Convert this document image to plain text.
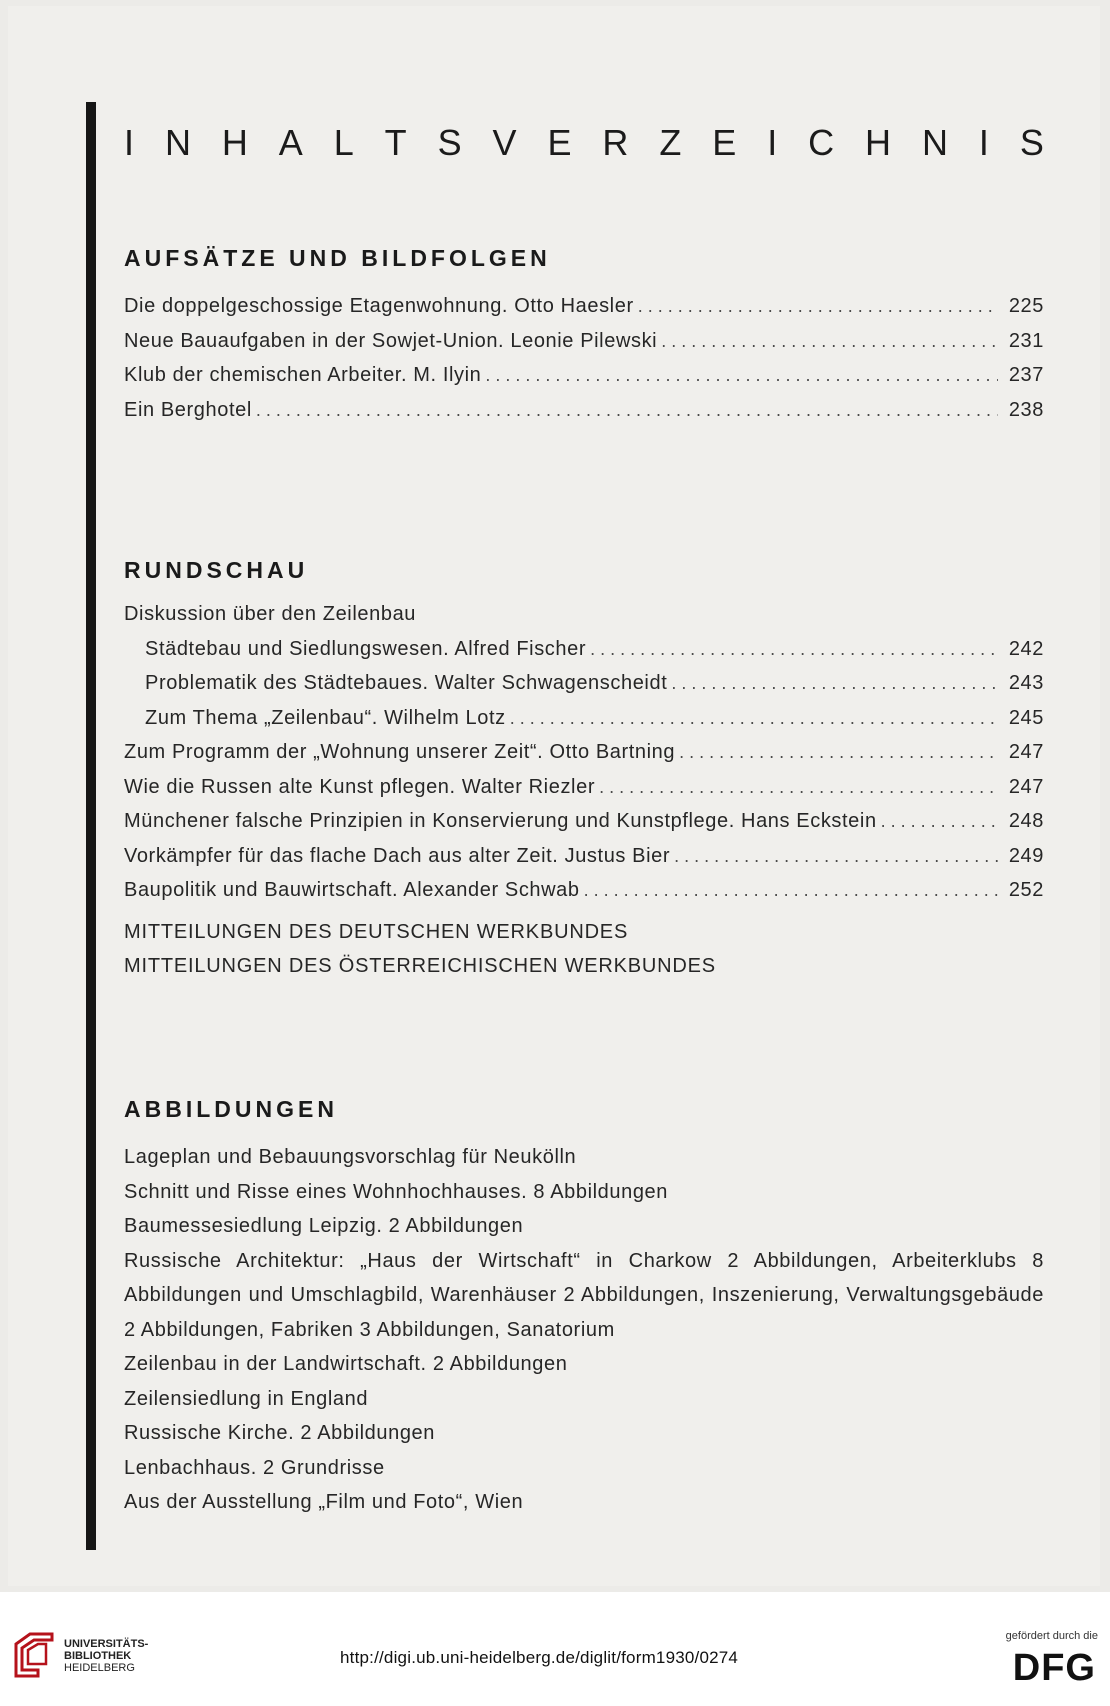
I N H A L T S V E R Z E I C H N I S
AUFSÄTZE UND BILDFOLGEN
Die doppelgeschossige Etagenwohnung. Otto Haesler . . .	225
Neue Bauaufgaben in der Sowjet-Union. Leonie Pilewski . . .	231
Klub der chemischen Arbeiter. M. Ilyin . . .	237
Ein Berghotel . . .	238
RUNDSCHAU
Diskussion über den Zeilenbau
Städtebau und Siedlungswesen. Alfred Fischer . . .	242
Problematik des Städtebaues. Walter Schwagenscheidt . . .	243
Zum Thema „Zeilenbau“. Wilhelm Lotz . . .	245
Zum Programm der „Wohnung unserer Zeit“. Otto Bartning . . .	247
Wie die Russen alte Kunst pflegen. Walter Riezler . . .	247
Münchener falsche Prinzipien in Konservierung und Kunstpflege. Hans Eckstein . . .	248
Vorkämpfer für das flache Dach aus alter Zeit. Justus Bier . . .	249
Baupolitik und Bauwirtschaft. Alexander Schwab . . .	252
MITTEILUNGEN DES DEUTSCHEN WERKBUNDES
MITTEILUNGEN DES ÖSTERREICHISCHEN WERKBUNDES
ABBILDUNGEN
Lageplan und Bebauungsvorschlag für Neukölln
Schnitt und Risse eines Wohnhochhauses. 8 Abbildungen
Baumessesiedlung Leipzig. 2 Abbildungen
Russische Architektur: „Haus der Wirtschaft“ in Charkow 2 Abbildungen, Arbeiterklubs 8 Abbildungen und Umschlagbild, Warenhäuser 2 Abbildungen, Inszenierung, Verwaltungsgebäude 2 Abbildungen, Fabriken 3 Abbildungen, Sanatorium
Zeilenbau in der Landwirtschaft. 2 Abbildungen
Zeilensiedlung in England
Russische Kirche. 2 Abbildungen
Lenbachhaus. 2 Grundrisse
Aus der Ausstellung „Film und Foto“, Wien
UNIVERSITÄTS-
BIBLIOTHEK
HEIDELBERG
http://digi.ub.uni-heidelberg.de/diglit/form1930/0274
gefördert durch die
DFG
